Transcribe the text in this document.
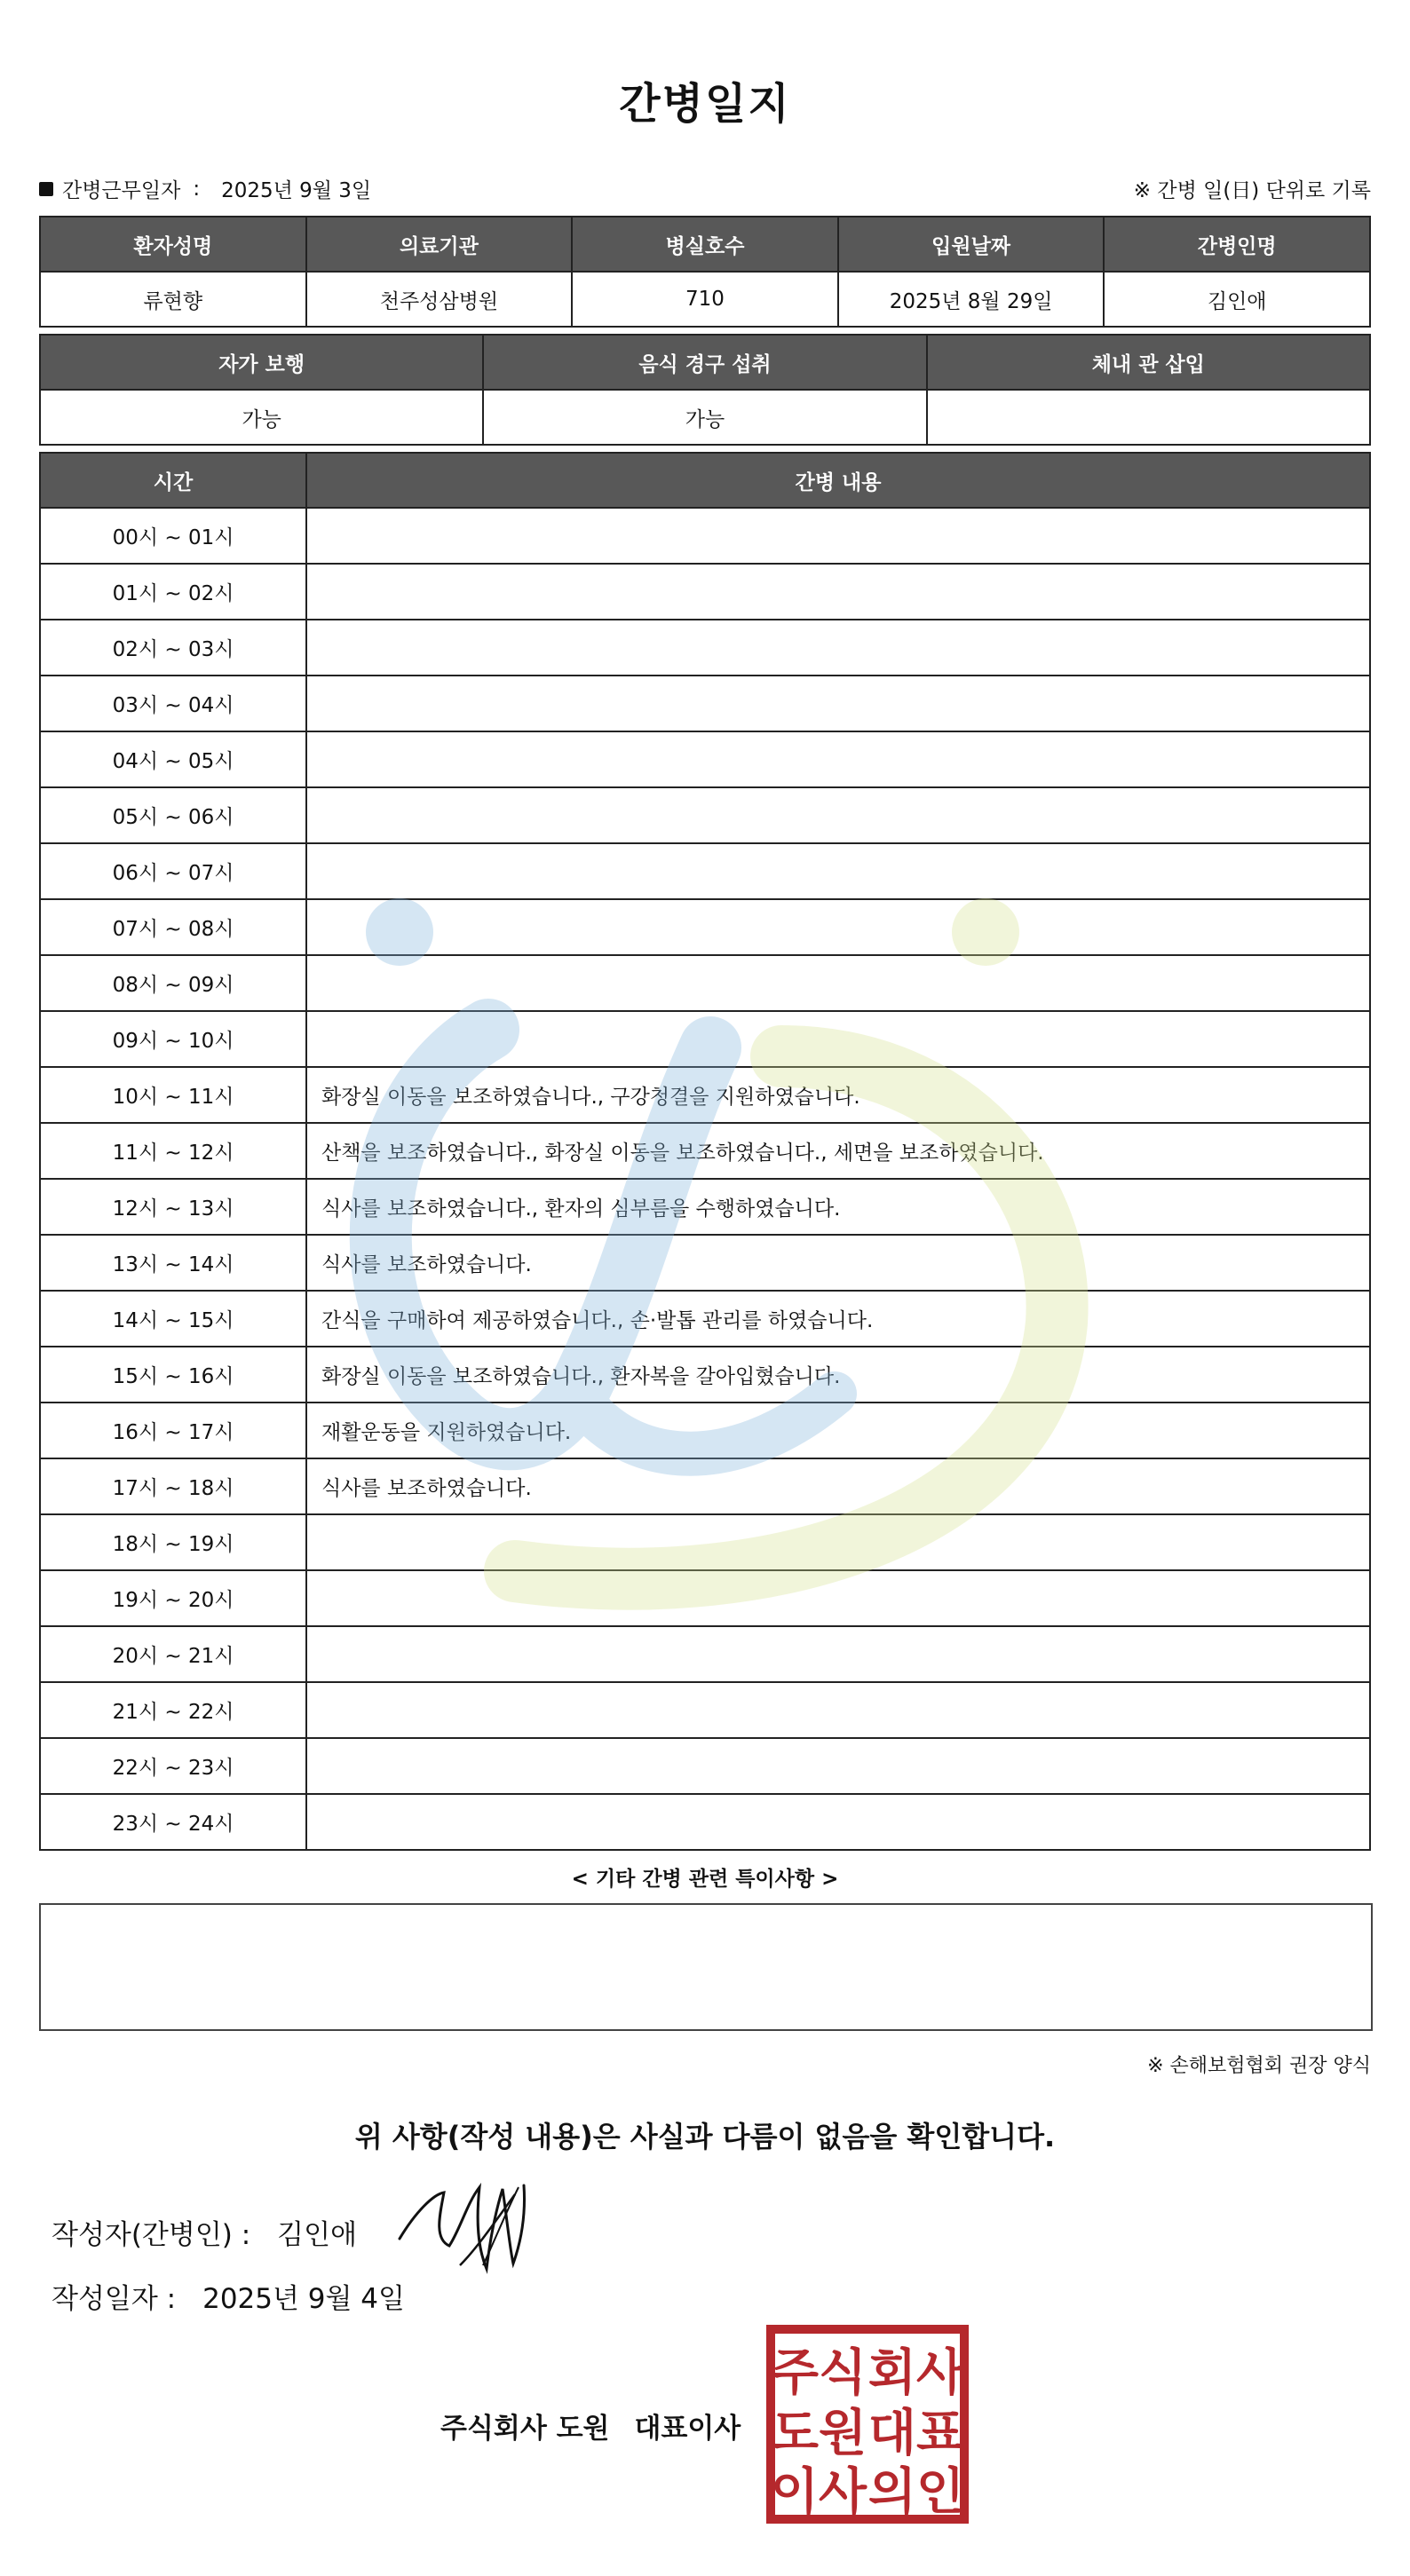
간병일지
간병근무일자 : 2025년 9월 3일	※ 간병 일(日) 단위로 기록
환자성명	의료기관	병실호수	입원날짜	간병인명
류현향	천주성삼병원	710	2025년 8월 29일	김인애
자가 보행	음식 경구 섭취	체내 관 삽입
가능	가능	
시간	간병 내용
00시 ~ 01시	
01시 ~ 02시	
02시 ~ 03시	
03시 ~ 04시	
04시 ~ 05시	
05시 ~ 06시	
06시 ~ 07시	
07시 ~ 08시	
08시 ~ 09시	
09시 ~ 10시	
10시 ~ 11시	화장실 이동을 보조하였습니다., 구강청결을 지원하였습니다.
11시 ~ 12시	산책을 보조하였습니다., 화장실 이동을 보조하였습니다., 세면을 보조하였습니다.
12시 ~ 13시	식사를 보조하였습니다., 환자의 심부름을 수행하였습니다.
13시 ~ 14시	식사를 보조하였습니다.
14시 ~ 15시	간식을 구매하여 제공하였습니다., 손·발톱 관리를 하였습니다.
15시 ~ 16시	화장실 이동을 보조하였습니다., 환자복을 갈아입혔습니다.
16시 ~ 17시	재활운동을 지원하였습니다.
17시 ~ 18시	식사를 보조하였습니다.
18시 ~ 19시	
19시 ~ 20시	
20시 ~ 21시	
21시 ~ 22시	
22시 ~ 23시	
23시 ~ 24시	
< 기타 간병 관련 특이사항 >
※ 손해보험협회 권장 양식
위 사항(작성 내용)은 사실과 다름이 없음을 확인합니다.
작성자(간병인) : 김인애
작성일자 : 2025년 9월 4일
주식회사 도원 대표이사
주식 회사
도원 대표
이사 의인
